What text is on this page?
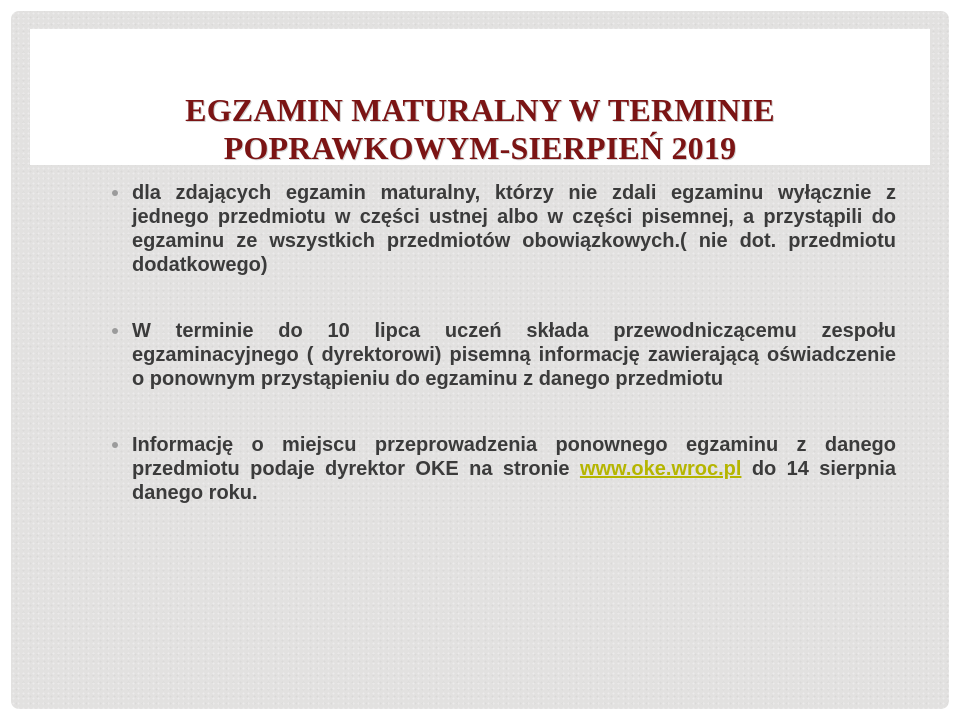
EGZAMIN MATURALNY W TERMINIE
POPRAWKOWYM-SIERPIEŃ 2019
dla zdających egzamin maturalny, którzy nie zdali egzaminu wyłącznie z jednego przedmiotu w części ustnej albo w części pisemnej, a przystąpili do egzaminu ze wszystkich przedmiotów obowiązkowych.( nie dot. przedmiotu dodatkowego)
W terminie do 10 lipca uczeń składa przewodniczącemu zespołu egzaminacyjnego ( dyrektorowi) pisemną informację zawierającą oświadczenie o ponownym przystąpieniu do egzaminu z danego przedmiotu
Informację o miejscu przeprowadzenia ponownego egzaminu z danego przedmiotu podaje dyrektor OKE na stronie www.oke.wroc.pl do 14 sierpnia danego roku.
